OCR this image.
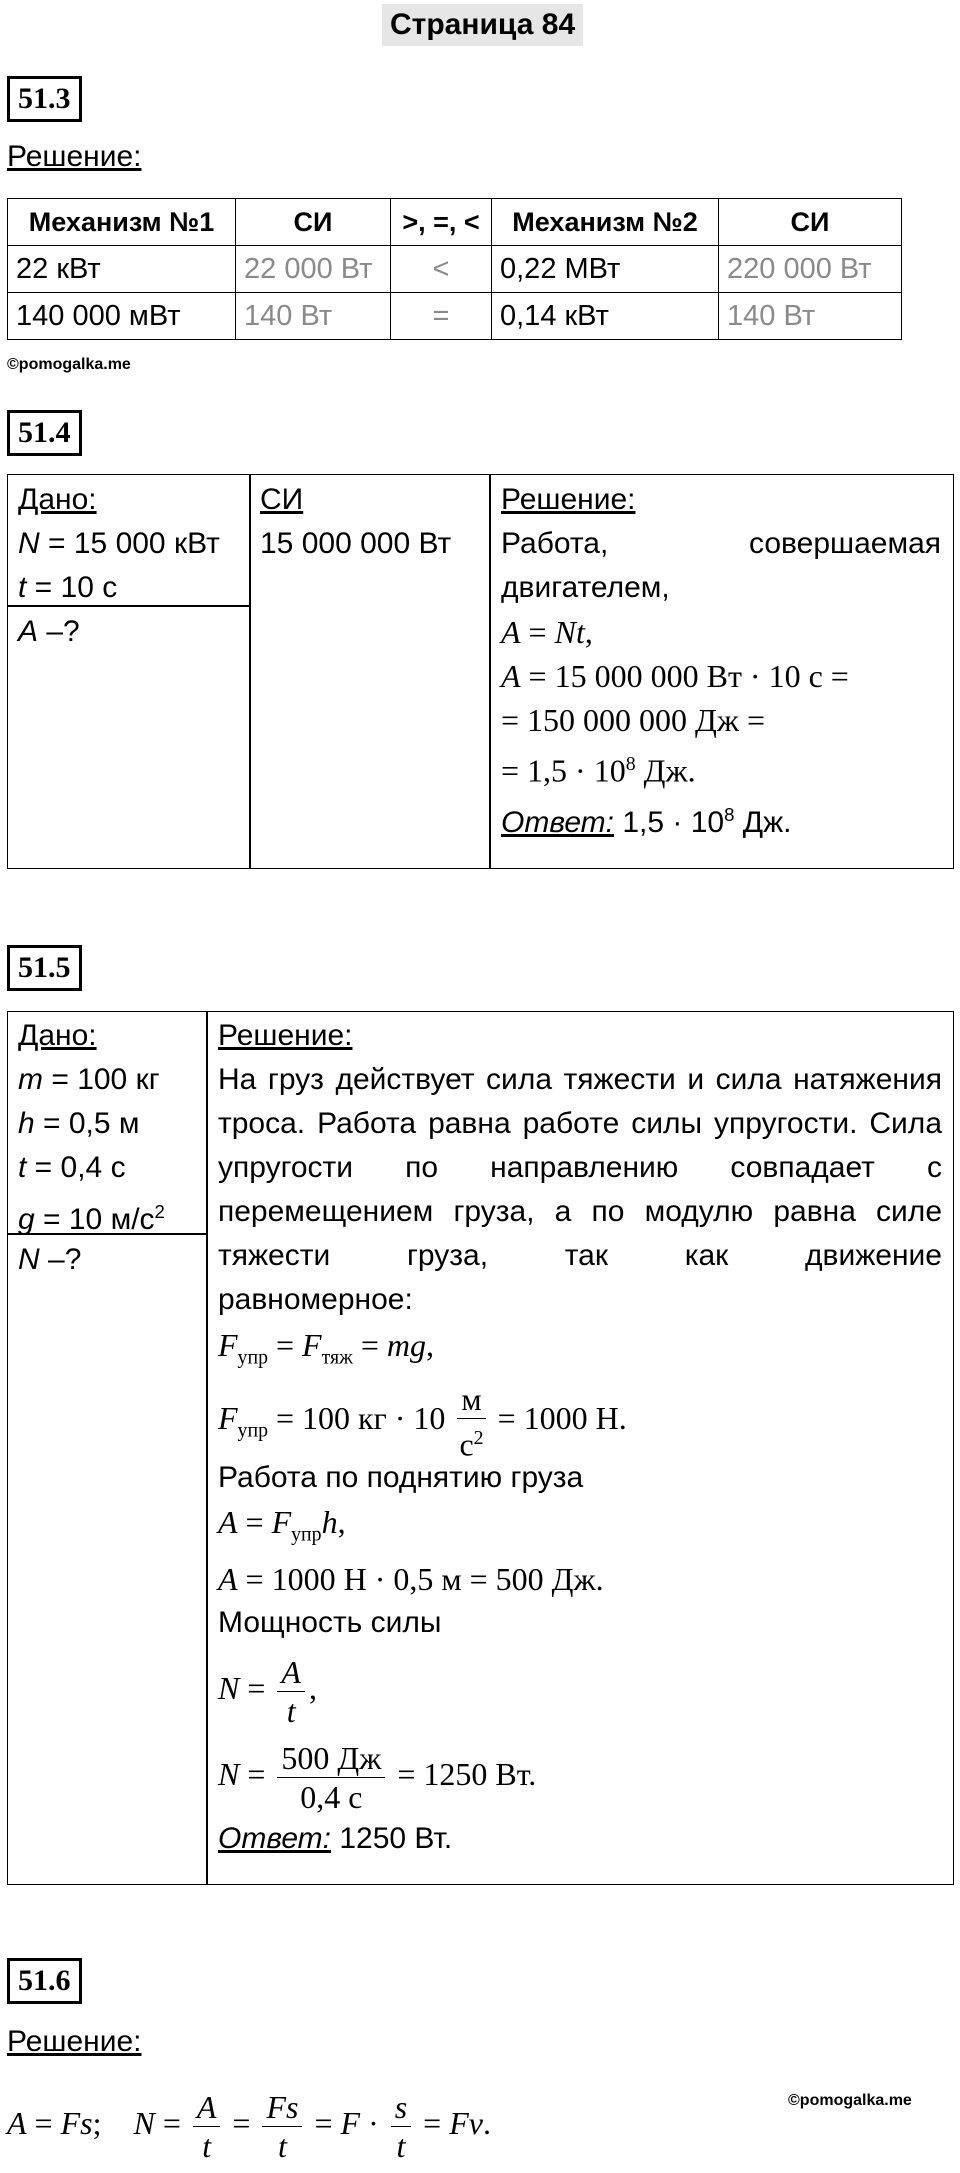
Страница 84
51.3
Решение:
Механизм №1	СИ	>, =, <	Механизм №2	СИ
22 кВт	22 000 Вт	<	0,22 МВт	220 000 Вт
140 000 мВт	140 Вт	=	0,14 кВт	140 Вт
©pomogalka.me
51.4
Дано:
N = 15 000 кВт
t = 10 с
A –?
СИ
15 000 000 Вт
Решение:
Работа,	совершаемая
двигателем,
A = Nt,
A = 15 000 000 Вт · 10 с =
= 150 000 000 Дж =
= $1,5 \cdot 10^8$ Дж.
Ответ: $1,5 \cdot 10^8$ Дж.
51.5
Дано:
m = 100 кг
h = 0,5 м
t = 0,4 с
g = 10 $м/с^2$
N –?
Решение:
На груз действует сила тяжести и сила натяжения троса. Работа равна работе силы упругости. Сила упругости по направлению совпадает с перемещением груза, а по модулю равна силе тяжести груза, так как движение
равномерное:
$F_{упр} = F_{тяж}$ = mg,
$F_{упр} = 100$ кг · $10 \frac{м}{с^2} = 1000$ Н.
Работа по поднятию груза
$A = F_{упр}h$,
A = 1000 Н · 0,5 м = 500 Дж.
Мощность силы
$N = \frac{A}{t}$ ,
$N = \frac{500 Дж}{0,4 с} = 1250$ Вт.
Ответ: 1250 Вт.
51.6
Решение:
A = Fs;    $N = \frac{A}{t} = \frac{Fs}{t} = F \cdot \frac{s}{t} = Fv$.
©pomogalka.me
